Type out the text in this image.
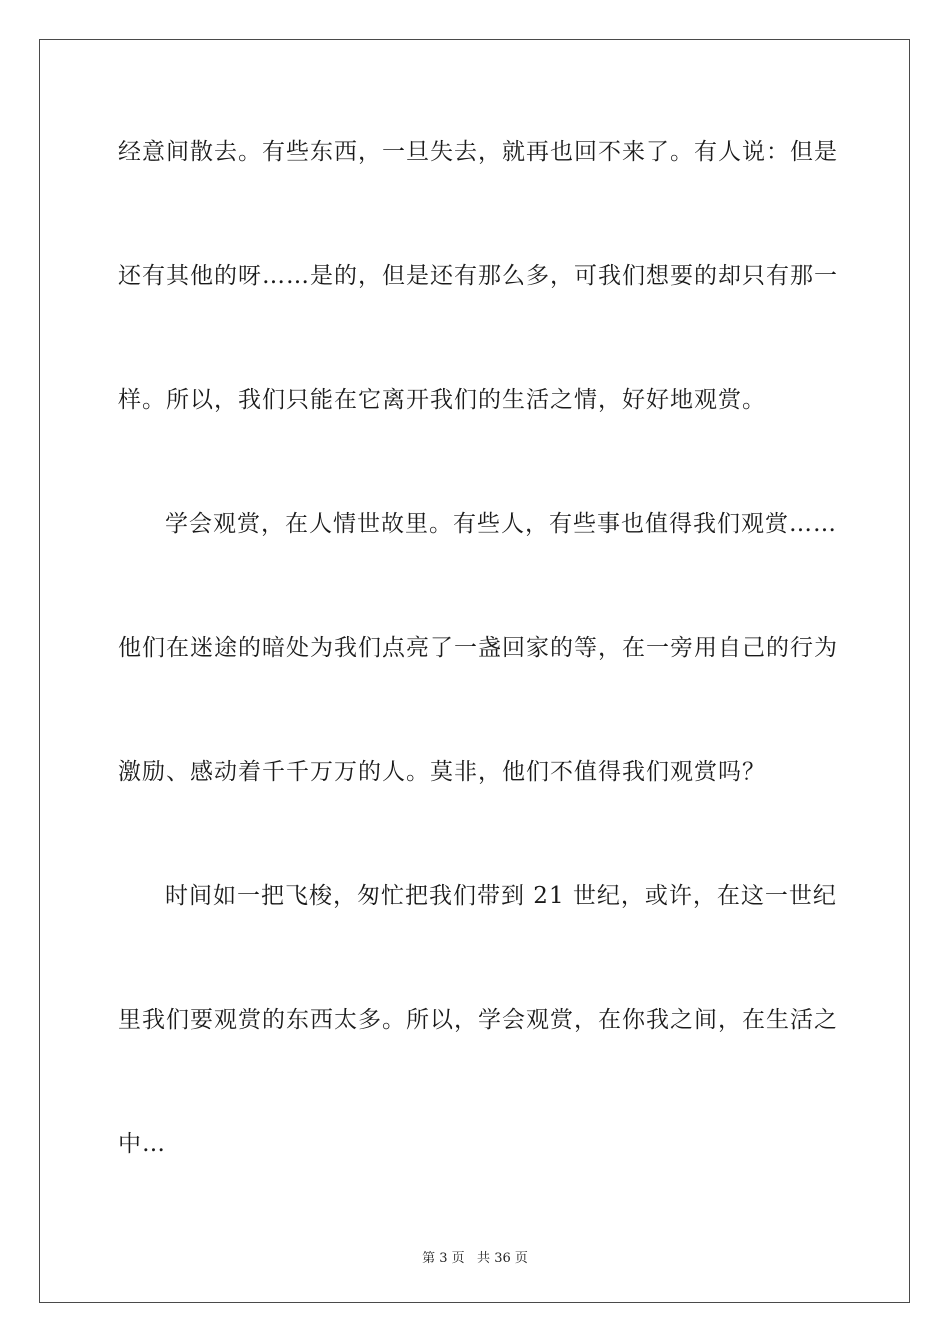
经意间散去。有些东西，一旦失去，就再也回不来了。有人说：但是
还有其他的呀……是的，但是还有那么多，可我们想要的却只有那一
样。所以，我们只能在它离开我们的生活之情，好好地观赏。
学会观赏，在人情世故里。有些人，有些事也值得我们观赏……
他们在迷途的暗处为我们点亮了一盏回家的等，在一旁用自己的行为
激励、感动着千千万万的人。莫非，他们不值得我们观赏吗？
时间如一把飞梭，匆忙把我们带到 21 世纪，或许，在这一世纪
里我们要观赏的东西太多。所以，学会观赏，在你我之间，在生活之
中…
第 3 页   共 36 页
